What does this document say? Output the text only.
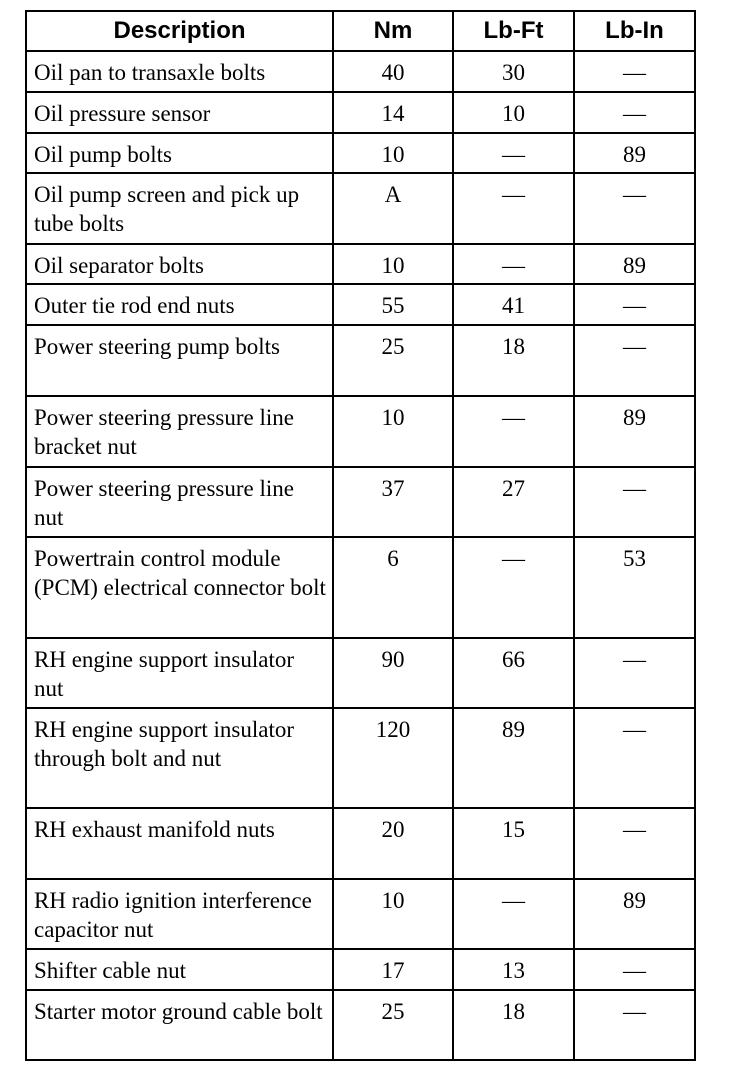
Description	Nm	Lb-Ft	Lb-In
Oil pan to transaxle bolts	40	30	—
Oil pressure sensor	14	10	—
Oil pump bolts	10	—	89
Oil pump screen and pick up tube bolts	A	—	—
Oil separator bolts	10	—	89
Outer tie rod end nuts	55	41	—
Power steering pump bolts	25	18	—
Power steering pressure line bracket nut	10	—	89
Power steering pressure line nut	37	27	—
Powertrain control module (PCM) electrical connector bolt	6	—	53
RH engine support insulator nut	90	66	—
RH engine support insulator through bolt and nut	120	89	—
RH exhaust manifold nuts	20	15	—
RH radio ignition interference capacitor nut	10	—	89
Shifter cable nut	17	13	—
Starter motor ground cable bolt	25	18	—
